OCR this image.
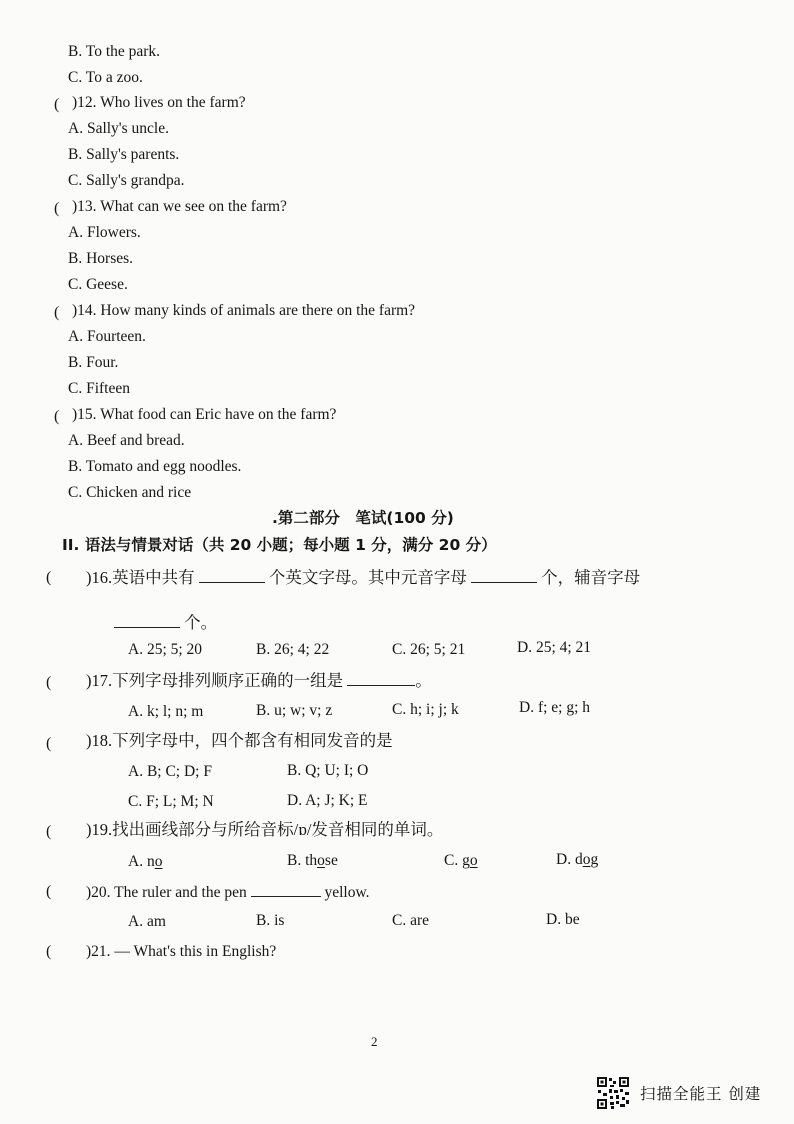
B. To the park.
C. To a zoo.
( )12. Who lives on the farm?
A. Sally's uncle.
B. Sally's parents.
C. Sally's grandpa.
( )13. What can we see on the farm?
A. Flowers.
B. Horses.
C. Geese.
( )14. How many kinds of animals are there on the farm?
A. Fourteen.
B. Four.
C. Fifteen
( )15. What food can Eric have on the farm?
A. Beef and bread.
B. Tomato and egg noodles.
C. Chicken and rice
.第二部分　笔试(100 分)
II. 语法与情景对话（共 20 小题；每小题 1 分，满分 20 分）
( )16.英语中共有	个英文字母。其中元音字母	个，辅音字母
个。
A. 25; 5; 20	B. 26; 4; 22	C. 26; 5; 21	D. 25; 4; 21
( )17.下列字母排列顺序正确的一组是	。
A. k; l; n; m	B. u; w; v; z	C. h; i; j; k	D. f; e; g; h
( )18.下列字母中，四个都含有相同发音的是
A. B; C; D; F	B. Q; U; I; O
C. F; L; M; N	D. A; J; K; E
( )19.找出画线部分与所给音标/ɒ/发音相同的单词。
A. no	B. those	C. go	D. dog
( )20. The ruler and the pen	yellow.
A. am	B. is	C. are	D. be
( )21. — What's this in English?
2
扫描全能王 创建
